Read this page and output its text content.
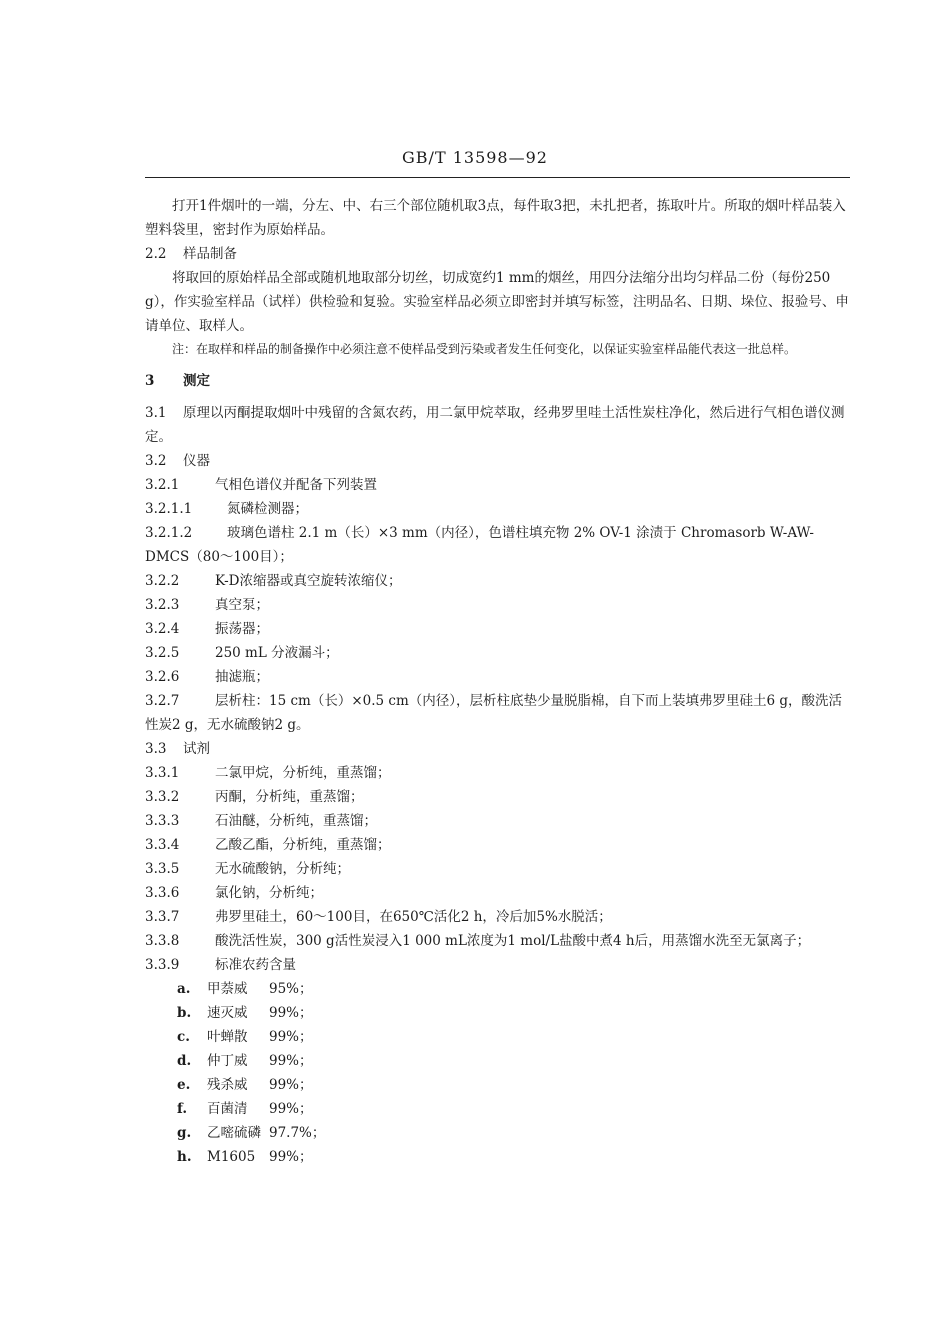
GB/T 13598—92

打开1件烟叶的一端，分左、中、右三个部位随机取3点，每件取3把，未扎把者，拣取叶片。所取的烟叶样品装入塑料袋里，密封作为原始样品。

2.2 样品制备

将取回的原始样品全部或随机地取部分切丝，切成宽约1 mm的烟丝，用四分法缩分出均匀样品二份（每份250 g），作实验室样品（试样）供检验和复验。实验室样品必须立即密封并填写标签，注明品名、日期、垛位、报验号、申请单位、取样人。

注：在取样和样品的制备操作中必须注意不使样品受到污染或者发生任何变化，以保证实验室样品能代表这一批总样。

3 测定

3.1 原理以丙酮提取烟叶中残留的含氮农药，用二氯甲烷萃取，经弗罗里哇土活性炭柱净化，然后进行气相色谱仪测定。

3.2 仪器

3.2.1	气相色谱仪并配备下列装置

3.2.1.1	氮磷检测器；

3.2.1.2	玻璃色谱柱 2.1 m（长）×3 mm（内径），色谱柱填充物 2% OV-1 涂渍于 Chromasorb W-AW-DMCS（80～100目）；

3.2.2	K-D浓缩器或真空旋转浓缩仪；

3.2.3	真空泵；

3.2.4	振荡器；

3.2.5	250 mL 分液漏斗；

3.2.6	抽滤瓶；

3.2.7	层析柱：15 cm（长）×0.5 cm（内径），层析柱底垫少量脱脂棉，自下而上装填弗罗里硅土6 g，酸洗活性炭2 g，无水硫酸钠2 g。

3.3 试剂

3.3.1	二氯甲烷，分析纯，重蒸馏；

3.3.2	丙酮，分析纯，重蒸馏；

3.3.3	石油醚，分析纯，重蒸馏；

3.3.4	乙酸乙酯，分析纯，重蒸馏；

3.3.5	无水硫酸钠，分析纯；

3.3.6	氯化钠，分析纯；

3.3.7	弗罗里硅土，60～100目，在650℃活化2 h，冷后加5%水脱活；

3.3.8	酸洗活性炭，300 g活性炭浸入1 000 mL浓度为1 mol/L盐酸中煮4 h后，用蒸馏水洗至无氯离子；

3.3.9	标准农药含量

a. 甲萘威 95%；
b. 速灭威 99%；
c. 叶蝉散 99%；
d. 仲丁威 99%；
e. 残杀威 99%；
f. 百菌清 99%；
g. 乙嘧硫磷 97.7%；
h. M1605 99%；
